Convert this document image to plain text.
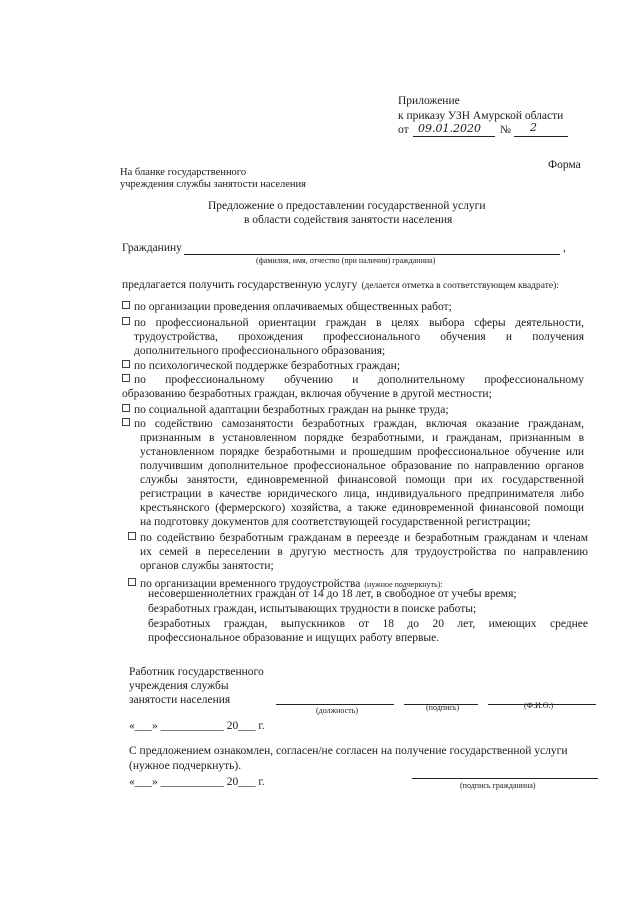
Приложение
к приказу УЗН Амурской области
от 09.01.2020 № 2
Форма
На бланке государственного
учреждения службы занятости населения
Предложение о предоставлении государственной услуги
в области содействия занятости населения
Гражданину	,
(фамилия, имя, отчество (при наличии) гражданина)
предлагается получить государственную услугу (делается отметка в соответствующем квадрате):
по организации проведения оплачиваемых общественных работ;
по профессиональной ориентации граждан в целях выбора сферы деятельности,
трудоустройства, прохождения профессионального обучения и получения
дополнительного профессионального образования;
по психологической поддержке безработных граждан;
по профессиональному обучению и дополнительному профессиональному
образованию безработных граждан, включая обучение в другой местности;
по социальной адаптации безработных граждан на рынке труда;
по содействию самозанятости безработных граждан, включая оказание гражданам,
признанным в установленном порядке безработными, и гражданам, признанным в
установленном порядке безработными и прошедшим профессиональное обучение или
получившим дополнительное профессиональное образование по направлению органов
службы занятости, единовременной финансовой помощи при их государственной
регистрации в качестве юридического лица, индивидуального предпринимателя либо
крестьянского (фермерского) хозяйства, а также единовременной финансовой помощи
на подготовку документов для соответствующей государственной регистрации;
по содействию безработным гражданам в переезде и безработным гражданам и членам
их семей в переселении в другую местность для трудоустройства по направлению
органов службы занятости;
по организации временного трудоустройства (нужное подчеркнуть):
несовершеннолетних граждан от 14 до 18 лет, в свободное от учебы время;
безработных граждан, испытывающих трудности в поиске работы;
безработных граждан, выпускников от 18 до 20 лет, имеющих среднее
профессиональное образование и ищущих работу впервые.
Работник государственного
учреждения службы
занятости населения
(должность)	(подпись)	(Ф.И.О.)
«___» ___________ 20___ г.
С предложением ознакомлен, согласен/не согласен на получение государственной услуги
(нужное подчеркнуть).
«___» ___________ 20___ г.	(подпись гражданина)
